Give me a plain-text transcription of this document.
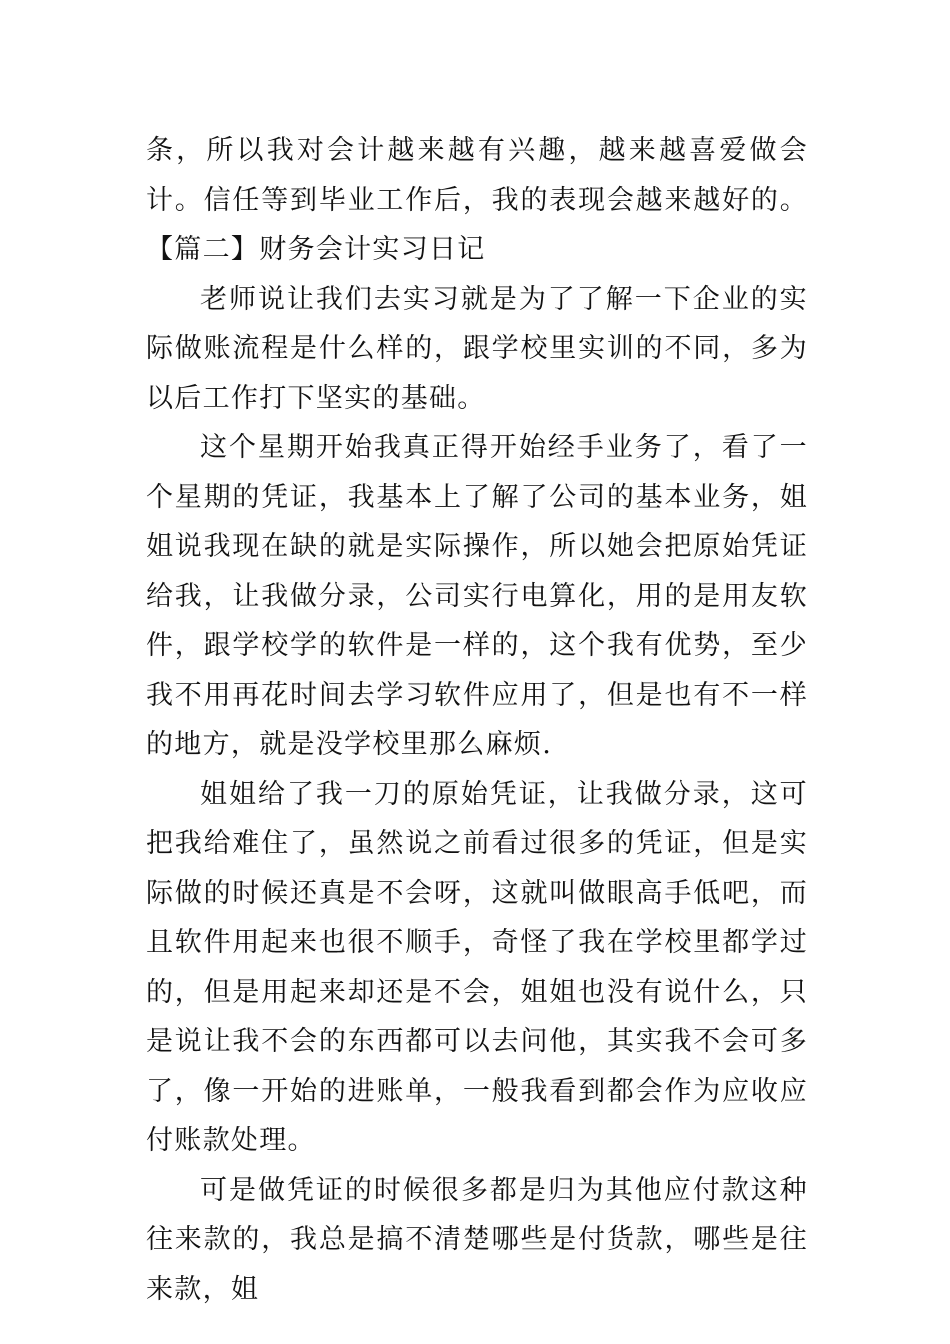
条，所以我对会计越来越有兴趣，越来越喜爱做会计。信任等到毕业工作后，我的表现会越来越好的。【篇二】财务会计实习日记

老师说让我们去实习就是为了了解一下企业的实际做账流程是什么样的，跟学校里实训的不同，多为以后工作打下坚实的基础。

这个星期开始我真正得开始经手业务了，看了一个星期的凭证，我基本上了解了公司的基本业务，姐姐说我现在缺的就是实际操作，所以她会把原始凭证给我，让我做分录，公司实行电算化，用的是用友软件，跟学校学的软件是一样的，这个我有优势，至少我不用再花时间去学习软件应用了，但是也有不一样的地方，就是没学校里那么麻烦.

姐姐给了我一刀的原始凭证，让我做分录，这可把我给难住了，虽然说之前看过很多的凭证，但是实际做的时候还真是不会呀，这就叫做眼高手低吧，而且软件用起来也很不顺手，奇怪了我在学校里都学过的，但是用起来却还是不会，姐姐也没有说什么，只是说让我不会的东西都可以去问他，其实我不会可多了，像一开始的进账单，一般我看到都会作为应收应付账款处理。

可是做凭证的时候很多都是归为其他应付款这种往来款的，我总是搞不清楚哪些是付货款，哪些是往来款，姐
